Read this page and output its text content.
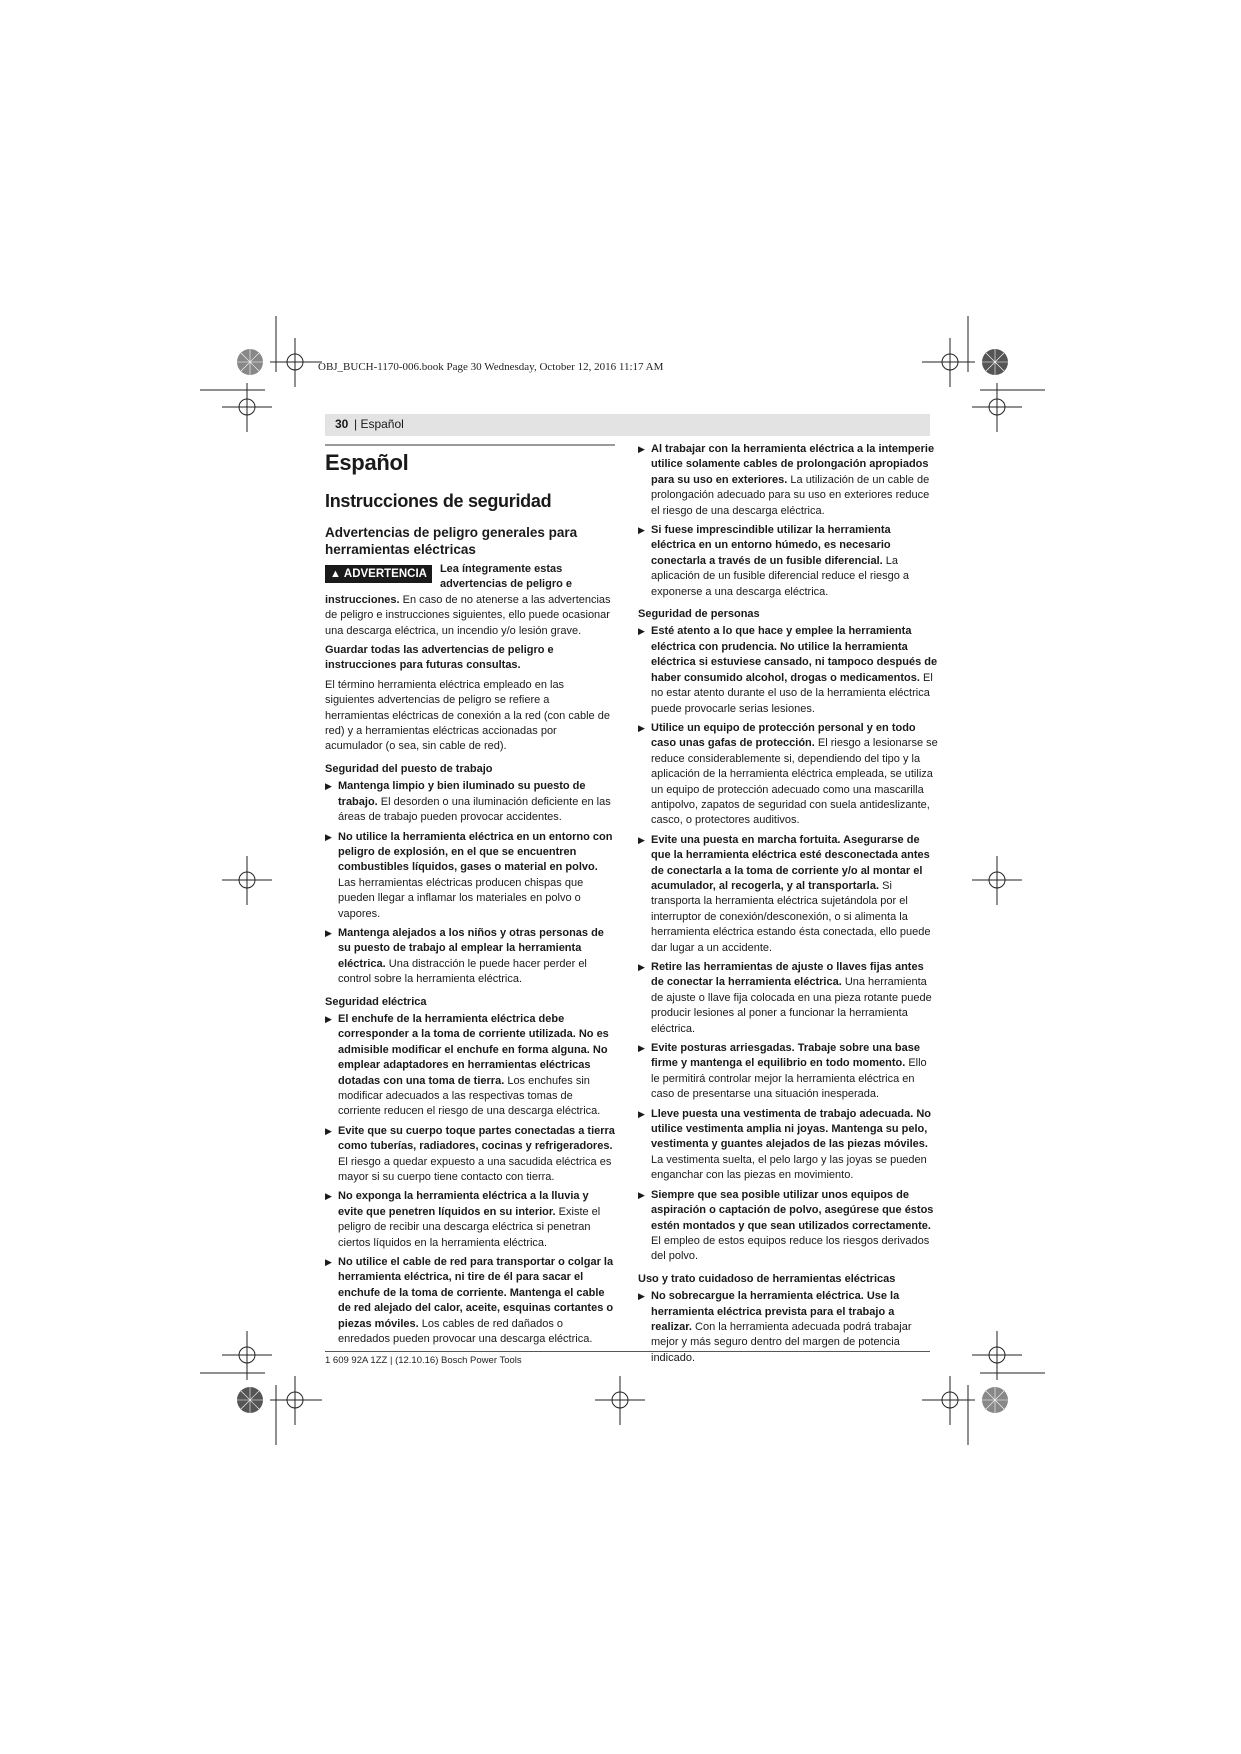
OBJ_BUCH-1170-006.book Page 30 Wednesday, October 12, 2016 11:17 AM
30 | Español
Español
Instrucciones de seguridad
Advertencias de peligro generales para herramientas eléctricas

▲ ADVERTENCIA	Lea íntegramente estas advertencias de peligro e instrucciones. En caso de no atenerse a las advertencias de peligro e instrucciones siguientes, ello puede ocasionar una descarga eléctrica, un incendio y/o lesión grave.

Guardar todas las advertencias de peligro e instrucciones para futuras consultas.

El término herramienta eléctrica empleado en las siguientes advertencias de peligro se refiere a herramientas eléctricas de conexión a la red (con cable de red) y a herramientas eléctricas accionadas por acumulador (o sea, sin cable de red).

Seguridad del puesto de trabajo
▶ Mantenga limpio y bien iluminado su puesto de trabajo. El desorden o una iluminación deficiente en las áreas de trabajo pueden provocar accidentes.
▶ No utilice la herramienta eléctrica en un entorno con peligro de explosión, en el que se encuentren combustibles líquidos, gases o material en polvo. Las herramientas eléctricas producen chispas que pueden llegar a inflamar los materiales en polvo o vapores.
▶ Mantenga alejados a los niños y otras personas de su puesto de trabajo al emplear la herramienta eléctrica. Una distracción le puede hacer perder el control sobre la herramienta eléctrica.
Seguridad eléctrica
▶ El enchufe de la herramienta eléctrica debe corresponder a la toma de corriente utilizada. No es admisible modificar el enchufe en forma alguna. No emplear adaptadores en herramientas eléctricas dotadas con una toma de tierra. Los enchufes sin modificar adecuados a las respectivas tomas de corriente reducen el riesgo de una descarga eléctrica.
▶ Evite que su cuerpo toque partes conectadas a tierra como tuberías, radiadores, cocinas y refrigeradores. El riesgo a quedar expuesto a una sacudida eléctrica es mayor si su cuerpo tiene contacto con tierra.
▶ No exponga la herramienta eléctrica a la lluvia y evite que penetren líquidos en su interior. Existe el peligro de recibir una descarga eléctrica si penetran ciertos líquidos en la herramienta eléctrica.
▶ No utilice el cable de red para transportar o colgar la herramienta eléctrica, ni tire de él para sacar el enchufe de la toma de corriente. Mantenga el cable de red alejado del calor, aceite, esquinas cortantes o piezas móviles. Los cables de red dañados o enredados pueden provocar una descarga eléctrica.
▶ Al trabajar con la herramienta eléctrica a la intemperie utilice solamente cables de prolongación apropiados para su uso en exteriores. La utilización de un cable de prolongación adecuado para su uso en exteriores reduce el riesgo de una descarga eléctrica.
▶ Si fuese imprescindible utilizar la herramienta eléctrica en un entorno húmedo, es necesario conectarla a través de un fusible diferencial. La aplicación de un fusible diferencial reduce el riesgo a exponerse a una descarga eléctrica.
Seguridad de personas
▶ Esté atento a lo que hace y emplee la herramienta eléctrica con prudencia. No utilice la herramienta eléctrica si estuviese cansado, ni tampoco después de haber consumido alcohol, drogas o medicamentos. El no estar atento durante el uso de la herramienta eléctrica puede provocarle serias lesiones.
▶ Utilice un equipo de protección personal y en todo caso unas gafas de protección. El riesgo a lesionarse se reduce considerablemente si, dependiendo del tipo y la aplicación de la herramienta eléctrica empleada, se utiliza un equipo de protección adecuado como una mascarilla antipolvo, zapatos de seguridad con suela antideslizante, casco, o protectores auditivos.
▶ Evite una puesta en marcha fortuita. Asegurarse de que la herramienta eléctrica esté desconectada antes de conectarla a la toma de corriente y/o al montar el acumulador, al recogerla, y al transportarla. Si transporta la herramienta eléctrica sujetándola por el interruptor de conexión/desconexión, o si alimenta la herramienta eléctrica estando ésta conectada, ello puede dar lugar a un accidente.
▶ Retire las herramientas de ajuste o llaves fijas antes de conectar la herramienta eléctrica. Una herramienta de ajuste o llave fija colocada en una pieza rotante puede producir lesiones al poner a funcionar la herramienta eléctrica.
▶ Evite posturas arriesgadas. Trabaje sobre una base firme y mantenga el equilibrio en todo momento. Ello le permitirá controlar mejor la herramienta eléctrica en caso de presentarse una situación inesperada.
▶ Lleve puesta una vestimenta de trabajo adecuada. No utilice vestimenta amplia ni joyas. Mantenga su pelo, vestimenta y guantes alejados de las piezas móviles. La vestimenta suelta, el pelo largo y las joyas se pueden enganchar con las piezas en movimiento.
▶ Siempre que sea posible utilizar unos equipos de aspiración o captación de polvo, asegúrese que éstos estén montados y que sean utilizados correctamente. El empleo de estos equipos reduce los riesgos derivados del polvo.
Uso y trato cuidadoso de herramientas eléctricas
▶ No sobrecargue la herramienta eléctrica. Use la herramienta eléctrica prevista para el trabajo a realizar. Con la herramienta adecuada podrá trabajar mejor y más seguro dentro del margen de potencia indicado.
1 609 92A 1ZZ | (12.10.16) Bosch Power Tools
